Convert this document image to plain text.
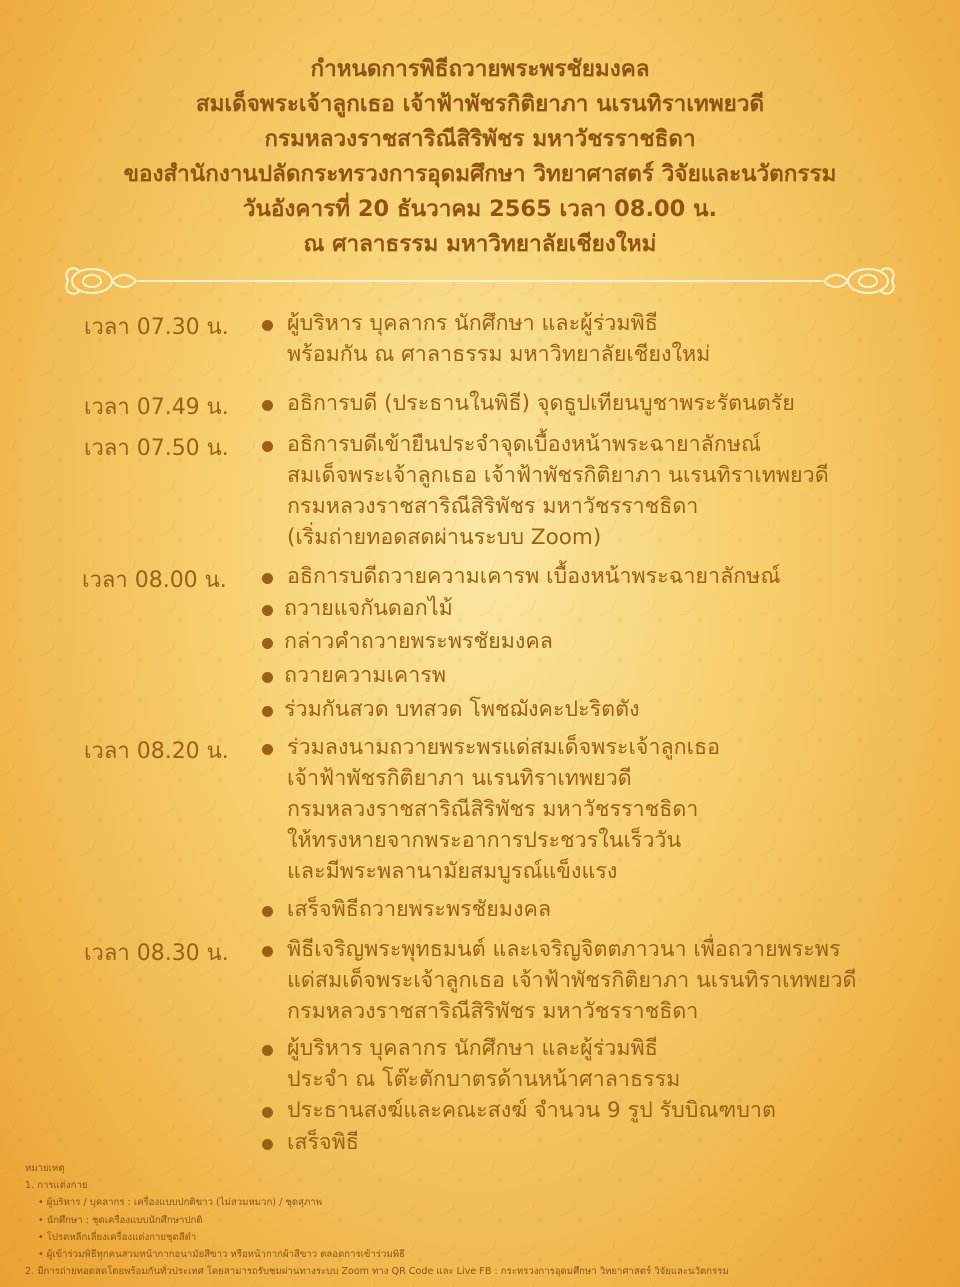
กำหนดการพิธีถวายพระพรชัยมงคล
สมเด็จพระเจ้าลูกเธอ เจ้าฟ้าพัชรกิติยาภา นเรนทิราเทพยวดี
กรมหลวงราชสาริณีสิริพัชร มหาวัชรราชธิดา
ของสำนักงานปลัดกระทรวงการอุดมศึกษา วิทยาศาสตร์ วิจัยและนวัตกรรม
วันอังคารที่ 20 ธันวาคม 2565 เวลา 08.00 น.
ณ ศาลาธรรม มหาวิทยาลัยเชียงใหม่
เวลา 07.30 น.	ผู้บริหาร บุคลากร นักศึกษา และผู้ร่วมพิธี
พร้อมกัน ณ ศาลาธรรม มหาวิทยาลัยเชียงใหม่
เวลา 07.49 น.	อธิการบดี (ประธานในพิธี) จุดธูปเทียนบูชาพระรัตนตรัย
เวลา 07.50 น.	อธิการบดีเข้ายืนประจำจุดเบื้องหน้าพระฉายาลักษณ์
สมเด็จพระเจ้าลูกเธอ เจ้าฟ้าพัชรกิติยาภา นเรนทิราเทพยวดี
กรมหลวงราชสาริณีสิริพัชร มหาวัชรราชธิดา
(เริ่มถ่ายทอดสดผ่านระบบ Zoom)
เวลา 08.00 น.	อธิการบดีถวายความเคารพ เบื้องหน้าพระฉายาลักษณ์
ถวายแจกันดอกไม้
กล่าวคำถวายพระพรชัยมงคล
ถวายความเคารพ
ร่วมกันสวด บทสวด โพชฌังคะปะริตตัง
เวลา 08.20 น.	ร่วมลงนามถวายพระพรแด่สมเด็จพระเจ้าลูกเธอ
เจ้าฟ้าพัชรกิติยาภา นเรนทิราเทพยวดี
กรมหลวงราชสาริณีสิริพัชร มหาวัชรราชธิดา
ให้ทรงหายจากพระอาการประชวรในเร็ววัน
และมีพระพลานามัยสมบูรณ์แข็งแรง
เสร็จพิธีถวายพระพรชัยมงคล
เวลา 08.30 น.	พิธีเจริญพระพุทธมนต์ และเจริญจิตตภาวนา เพื่อถวายพระพร
แด่สมเด็จพระเจ้าลูกเธอ เจ้าฟ้าพัชรกิติยาภา นเรนทิราเทพยวดี
กรมหลวงราชสาริณีสิริพัชร มหาวัชรราชธิดา
ผู้บริหาร บุคลากร นักศึกษา และผู้ร่วมพิธี
ประจำ ณ โต๊ะตักบาตรด้านหน้าศาลาธรรม
ประธานสงฆ์และคณะสงฆ์ จำนวน 9 รูป รับบิณฑบาต
เสร็จพิธี
หมายเหตุ
1. การแต่งกาย
• ผู้บริหาร / บุคลากร : เครื่องแบบปกติขาว (ไม่สวมหมวก) / ชุดสุภาพ
• นักศึกษา : ชุดเครื่องแบบนักศึกษาปกติ
• โปรดหลีกเลี่ยงเครื่องแต่งกายชุดสีดำ
• ผู้เข้าร่วมพิธีทุกคนสวมหน้ากากอนามัยสีขาว หรือหน้ากากผ้าสีขาว ตลอดการเข้าร่วมพิธี
2. มีการถ่ายทอดสดโดยพร้อมกันทั่วประเทศ โดยสามารถรับชมผ่านทางระบบ Zoom ทาง QR Code และ Live FB : กระทรวงการอุดมศึกษา วิทยาศาสตร์ วิจัยและนวัตกรรม
